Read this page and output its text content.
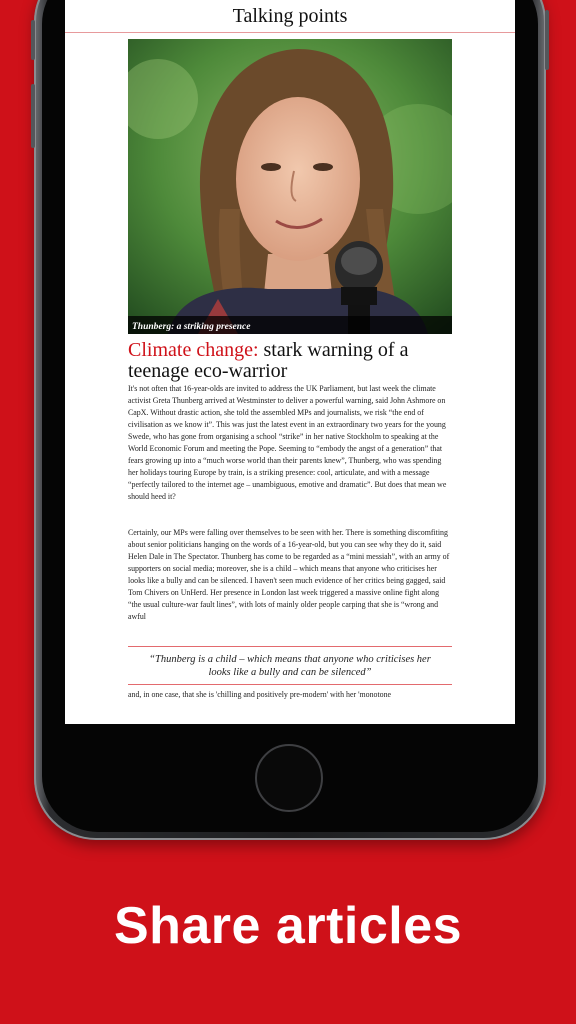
Talking points
Thunberg: a striking presence
Climate change: stark warning of a teenage eco-warrior

It's not often that 16-year-olds are invited to address the UK Parliament, but last week the climate activist Greta Thunberg arrived at Westminster to deliver a powerful warning, said John Ashmore on CapX. Without drastic action, she told the assembled MPs and journalists, we risk “the end of civilisation as we know it”. This was just the latest event in an extraordinary two years for the young Swede, who has gone from organising a school “strike” in her native Stockholm to speaking at the World Economic Forum and meeting the Pope. Seeming to “embody the angst of a generation” that fears growing up into a “much worse world than their parents knew”, Thunberg, who was spending her holidays touring Europe by train, is a striking presence: cool, articulate, and with a message “perfectly tailored to the internet age – unambiguous, emotive and dramatic”. But does that mean we should heed it?

Certainly, our MPs were falling over themselves to be seen with her. There is something discomfiting about senior politicians hanging on the words of a 16-year-old, but you can see why they do it, said Helen Dale in The Spectator. Thunberg has come to be regarded as a “mini messiah”, with an army of supporters on social media; moreover, she is a child – which means that anyone who criticises her looks like a bully and can be silenced. I haven't seen much evidence of her critics being gagged, said Tom Chivers on UnHerd. Her presence in London last week triggered a massive online fight along “the usual culture-war fault lines”, with lots of mainly older people carping that she is “wrong and awful

“Thunberg is a child – which means that anyone who criticises her looks like a bully and can be silenced”

and, in one case, that she is 'chilling and positively pre-modern' with her 'monotone

Share articles
